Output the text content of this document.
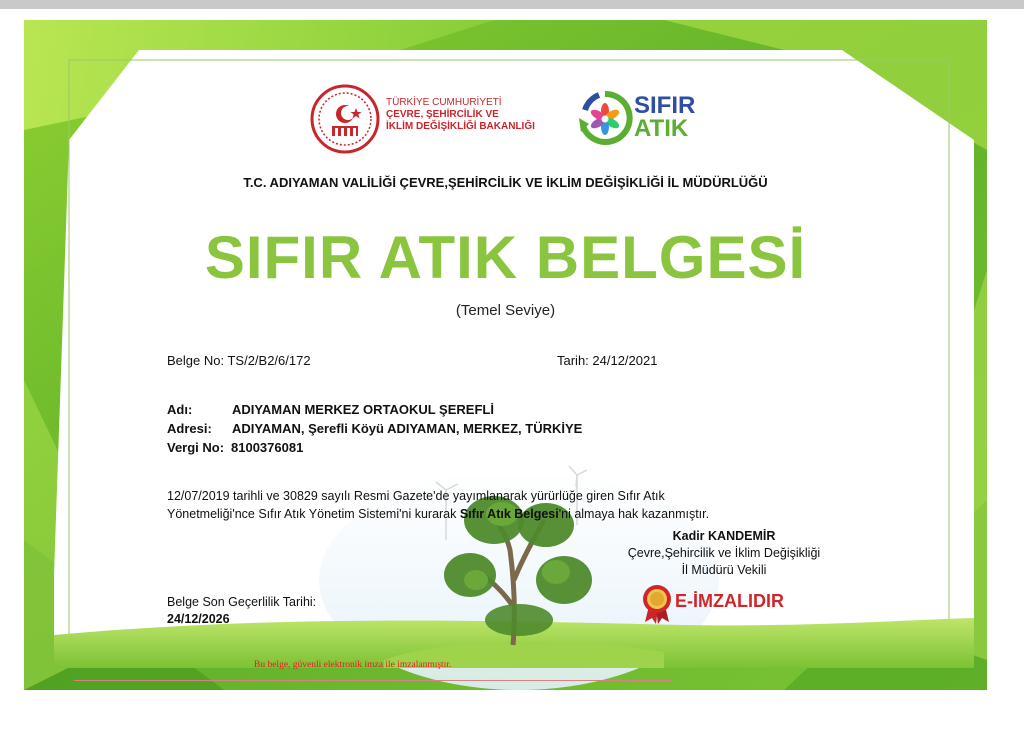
TÜRKİYE CUMHURİYETİ
ÇEVRE, ŞEHİRCİLİK VE
İKLİM DEĞİŞİKLİĞİ BAKANLIĞI
SIFIR
ATIK
T.C. ADIYAMAN VALİLİĞİ ÇEVRE,ŞEHİRCİLİK VE İKLİM DEĞİŞİKLİĞİ İL MÜDÜRLÜĞÜ
SIFIR ATIK BELGESİ
(Temel Seviye)
Belge No: TS/2/B2/6/172	Tarih: 24/12/2021
Adı:	ADIYAMAN MERKEZ ORTAOKUL ŞEREFLİ
Adresi: ADIYAMAN, Şerefli Köyü ADIYAMAN, MERKEZ, TÜRKİYE
Vergi No: 8100376081
12/07/2019 tarihli ve 30829 sayılı Resmi Gazete'de yayımlanarak yürürlüğe giren Sıfır Atık
Yönetmeliği'nce Sıfır Atık Yönetim Sistemi'ni kurarak Sıfır Atık Belgesi'ni almaya hak kazanmıştır.
Kadir KANDEMİR
Çevre,Şehircilik ve İklim Değişikliği
İl Müdürü Vekili
E-İMZALIDIR
Belge Son Geçerlilik Tarihi:
24/12/2026
Bu belge, güvenli elektronik imza ile imzalanmıştır.
